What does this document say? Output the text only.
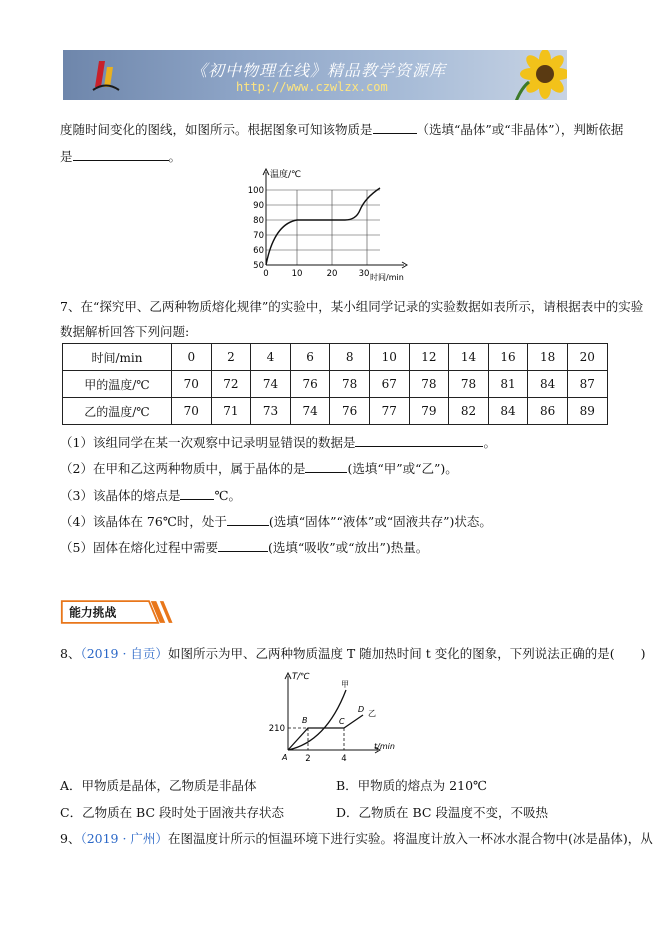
《初中物理在线》精品教学资源库
http://www.czwlzx.com
度随时间变化的图线，如图所示。根据图象可知该物质是	（选填“晶体”或“非晶体”），判断依据
是	。
温度/℃
时间/min
50
60
70
80
90
100
0	10	20 30
7、在“探究甲、乙两种物质熔化规律”的实验中，某小组同学记录的实验数据如表所示，请根据表中的实验
数据解析回答下列问题:
时间/min	0	2	4	6	8	10	12	14	16	18	20
甲的温度/℃	70	72	74	76	78	67	78	78	81	84	87
乙的温度/℃	70	71	73	74	76	77	79	82	84	86	89
（1）该组同学在某一次观察中记录明显错误的数据是	。
（2）在甲和乙这两种物质中，属于晶体的是	(选填“甲”或“乙”)。
（3）该晶体的熔点是	℃。
（4）该晶体在 76℃时，处于	(选填“固体”“液体”或“固液共存”)状态。
（5）固体在熔化过程中需要	(选填“吸收”或“放出”)热量。
能力挑战
8、（2019 · 自贡）如图所示为甲、乙两种物质温度 T 随加热时间 t 变化的图象，下列说法正确的是( )
T/℃
t/min
210
2	4
A
B	C
D
甲
乙
A．甲物质是晶体，乙物质是非晶体	B．甲物质的熔点为 210℃
C．乙物质在 BC 段时处于固液共存状态	D．乙物质在 BC 段温度不变，不吸热
9、（2019 · 广州）在图温度计所示的恒温环境下进行实验。将温度计放入一杯冰水混合物中(冰是晶体)，从
